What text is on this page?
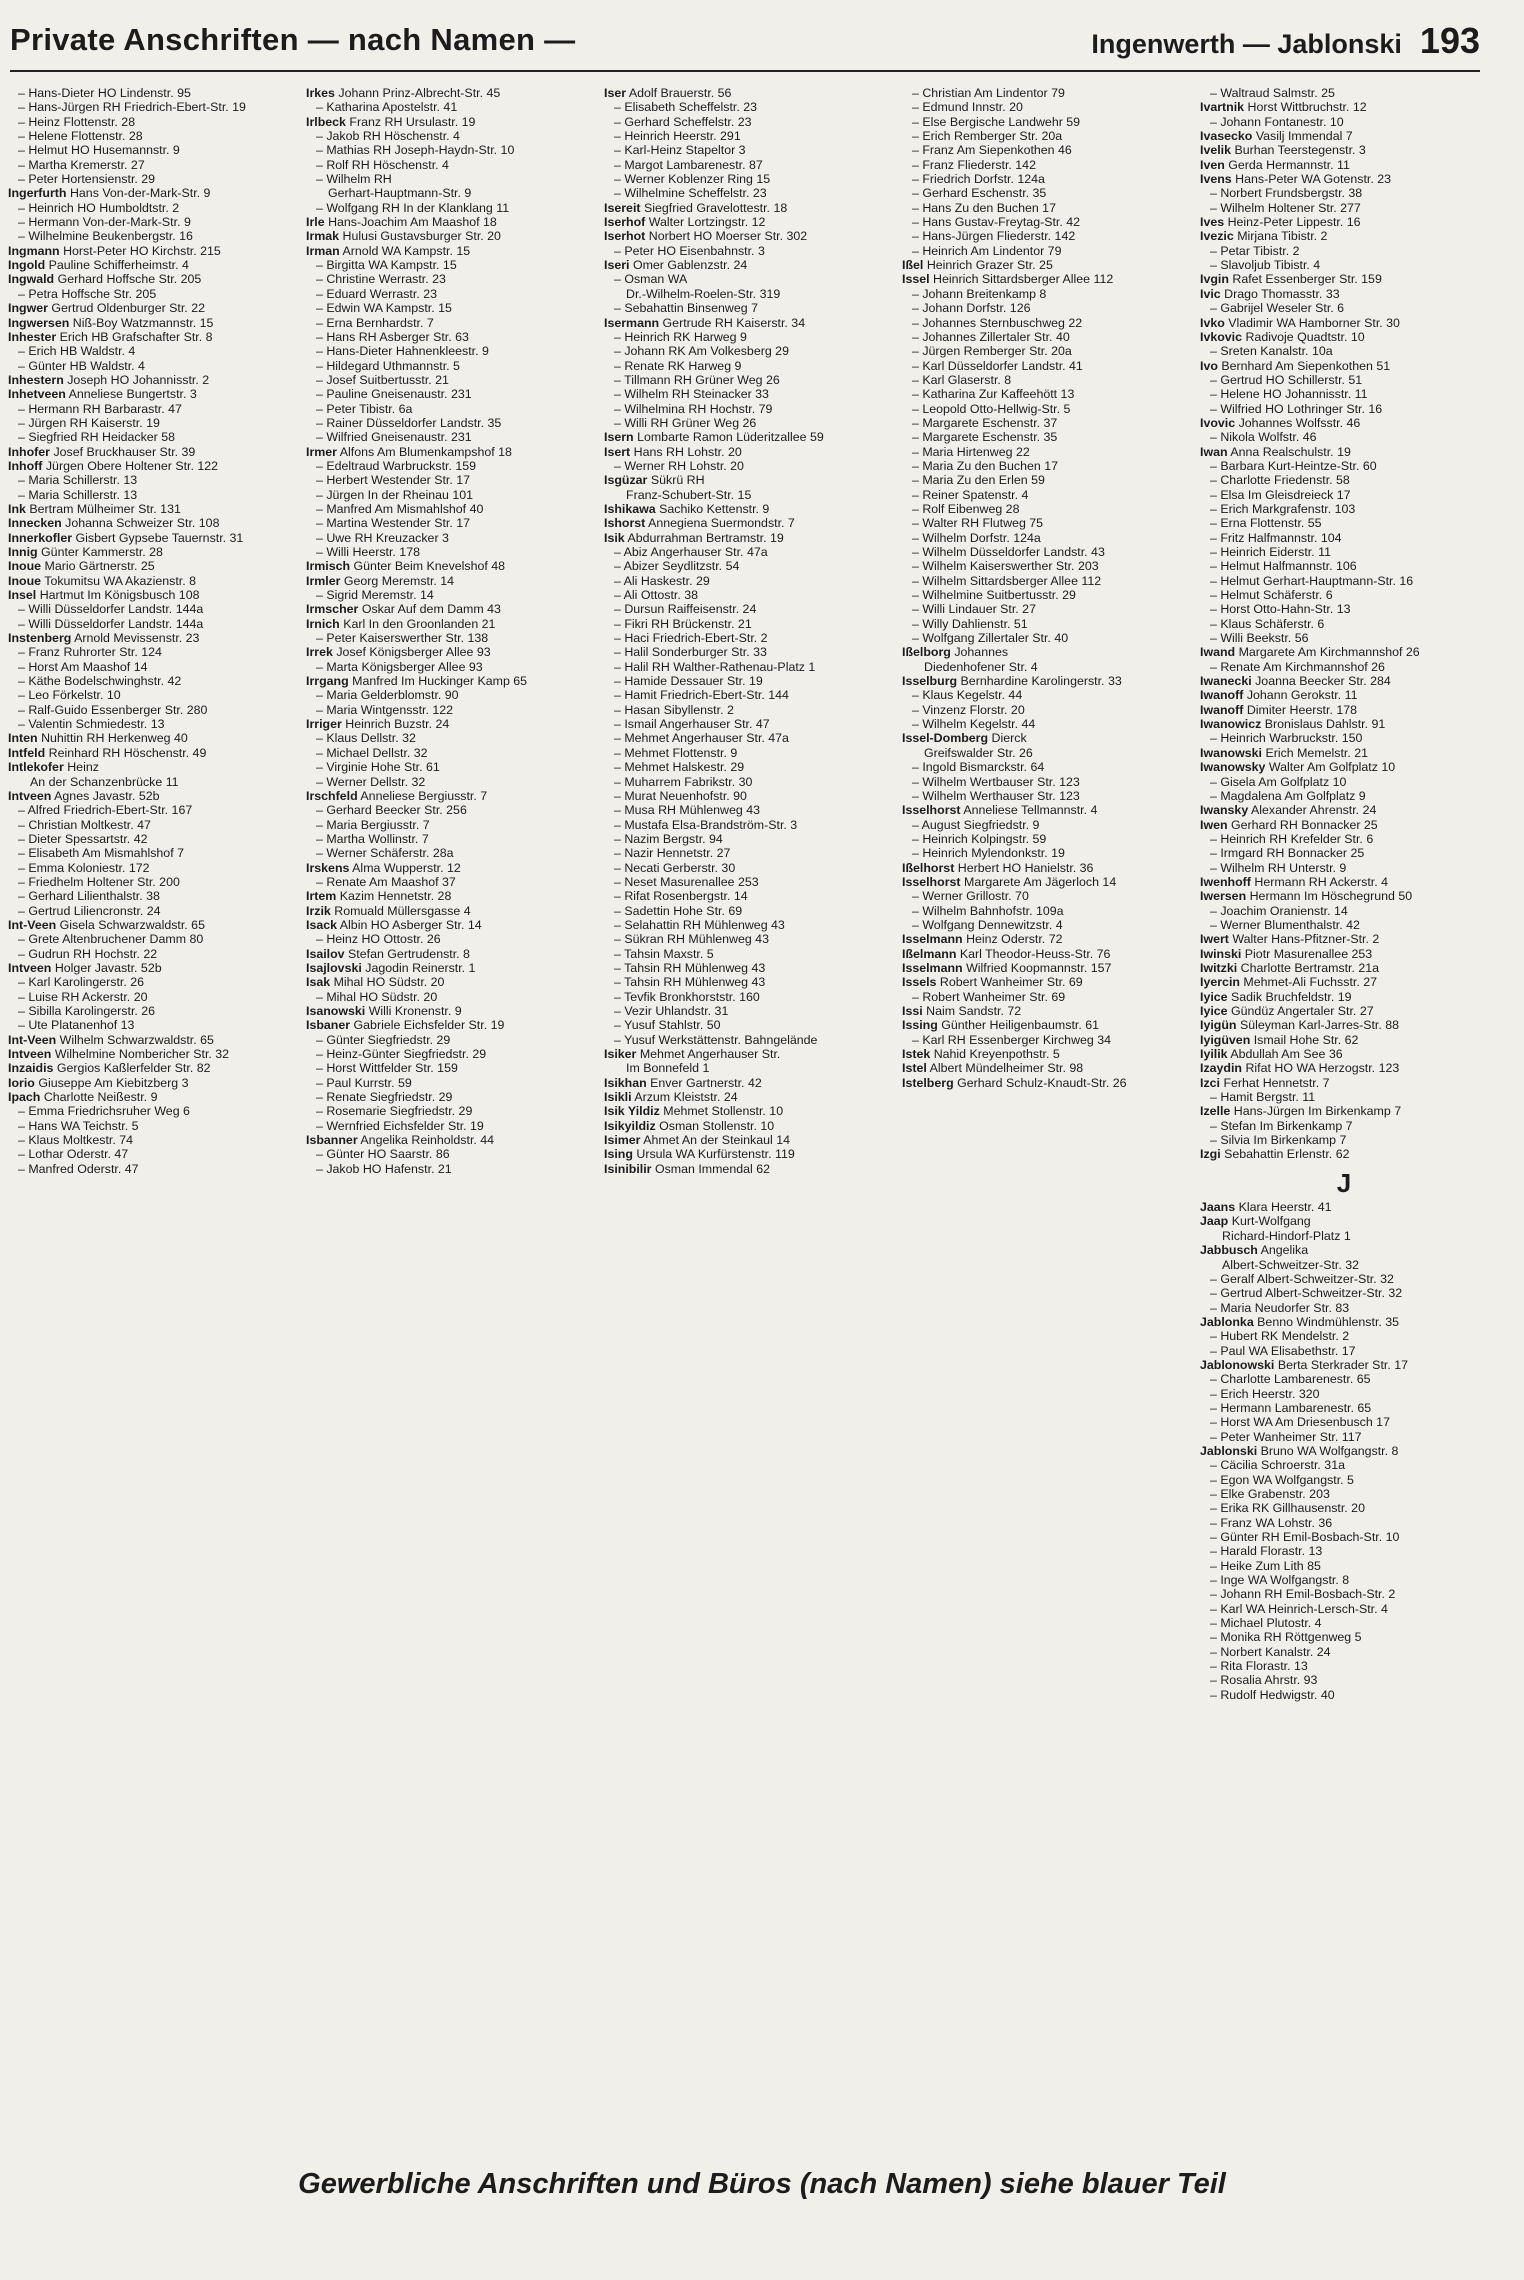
Private Anschriften — nach Namen —	Ingenwerth — Jablonski 193
– Hans-Dieter HO Lindenstr. 95
– Hans-Jürgen RH Friedrich-Ebert-Str. 19
– Heinz Flottenstr. 28
– Helene Flottenstr. 28
– Helmut HO Husemannstr. 9
– Martha Kremerstr. 27
– Peter Hortensienstr. 29
Ingerfurth Hans Von-der-Mark-Str. 9
– Heinrich HO Humboldtstr. 2
– Hermann Von-der-Mark-Str. 9
– Wilhelmine Beukenbergstr. 16
Ingmann Horst-Peter HO Kirchstr. 215
Ingold Pauline Schifferheimstr. 4
Ingwald Gerhard Hoffsche Str. 205
– Petra Hoffsche Str. 205
Ingwer Gertrud Oldenburger Str. 22
Ingwersen Niß-Boy Watzmannstr. 15
Inhester Erich HB Grafschafter Str. 8
– Erich HB Waldstr. 4
– Günter HB Waldstr. 4
Inhestern Joseph HO Johannisstr. 2
Inhetveen Anneliese Bungertstr. 3
– Hermann RH Barbarastr. 47
– Jürgen RH Kaiserstr. 19
– Siegfried RH Heidacker 58
Inhofer Josef Bruckhauser Str. 39
Inhoff Jürgen Obere Holtener Str. 122
– Maria Schillerstr. 13
– Maria Schillerstr. 13
Ink Bertram Mülheimer Str. 131
Innecken Johanna Schweizer Str. 108
Innerkofler Gisbert Gypsebe Tauernstr. 31
Innig Günter Kammerstr. 28
Inoue Mario Gärtnerstr. 25
Inoue Tokumitsu WA Akazienstr. 8
Insel Hartmut Im Königsbusch 108
– Willi Düsseldorfer Landstr. 144a
– Willi Düsseldorfer Landstr. 144a
Instenberg Arnold Mevissenstr. 23
– Franz Ruhrorter Str. 124
– Horst Am Maashof 14
– Käthe Bodelschwinghstr. 42
– Leo Förkelstr. 10
– Ralf-Guido Essenberger Str. 280
– Valentin Schmiedestr. 13
Inten Nuhittin RH Herkenweg 40
Intfeld Reinhard RH Höschenstr. 49
Intlekofer Heinz
An der Schanzenbrücke 11
Intveen Agnes Javastr. 52b
– Alfred Friedrich-Ebert-Str. 167
– Christian Moltkestr. 47
– Dieter Spessartstr. 42
– Elisabeth Am Mismahlshof 7
– Emma Koloniestr. 172
– Friedhelm Holtener Str. 200
– Gerhard Lilienthalstr. 38
– Gertrud Liliencronstr. 24
Int-Veen Gisela Schwarzwaldstr. 65
– Grete Altenbruchener Damm 80
– Gudrun RH Hochstr. 22
Intveen Holger Javastr. 52b
– Karl Karolingerstr. 26
– Luise RH Ackerstr. 20
– Sibilla Karolingerstr. 26
– Ute Platanenhof 13
Int-Veen Wilhelm Schwarzwaldstr. 65
Intveen Wilhelmine Nombericher Str. 32
Inzaidis Gergios Kaßlerfelder Str. 82
Iorio Giuseppe Am Kiebitzberg 3
Ipach Charlotte Neißestr. 9
– Emma Friedrichsruher Weg 6
– Hans WA Teichstr. 5
– Klaus Moltkestr. 74
– Lothar Oderstr. 47
– Manfred Oderstr. 47
Irkes Johann Prinz-Albrecht-Str. 45
– Katharina Apostelstr. 41
Irlbeck Franz RH Ursulastr. 19
– Jakob RH Höschenstr. 4
– Mathias RH Joseph-Haydn-Str. 10
– Rolf RH Höschenstr. 4
– Wilhelm RH
Gerhart-Hauptmann-Str. 9
– Wolfgang RH In der Klanklang 11
Irle Hans-Joachim Am Maashof 18
Irmak Hulusi Gustavsburger Str. 20
Irman Arnold WA Kampstr. 15
– Birgitta WA Kampstr. 15
– Christine Werrastr. 23
– Eduard Werrastr. 23
– Edwin WA Kampstr. 15
– Erna Bernhardstr. 7
– Hans RH Asberger Str. 63
– Hans-Dieter Hahnenkleestr. 9
– Hildegard Uthmannstr. 5
– Josef Suitbertusstr. 21
– Pauline Gneisenaustr. 231
– Peter Tibistr. 6a
– Rainer Düsseldorfer Landstr. 35
– Wilfried Gneisenaustr. 231
Irmer Alfons Am Blumenkampshof 18
– Edeltraud Warbruckstr. 159
– Herbert Westender Str. 17
– Jürgen In der Rheinau 101
– Manfred Am Mismahlshof 40
– Martina Westender Str. 17
– Uwe RH Kreuzacker 3
– Willi Heerstr. 178
Irmisch Günter Beim Knevelshof 48
Irmler Georg Meremstr. 14
– Sigrid Meremstr. 14
Irmscher Oskar Auf dem Damm 43
Irnich Karl In den Groonlanden 21
– Peter Kaiserswerther Str. 138
Irrek Josef Königsberger Allee 93
– Marta Königsberger Allee 93
Irrgang Manfred Im Huckinger Kamp 65
– Maria Gelderblomstr. 90
– Maria Wintgensstr. 122
Irriger Heinrich Buzstr. 24
– Klaus Dellstr. 32
– Michael Dellstr. 32
– Virginie Hohe Str. 61
– Werner Dellstr. 32
Irschfeld Anneliese Bergiusstr. 7
– Gerhard Beecker Str. 256
– Maria Bergiusstr. 7
– Martha Wollinstr. 7
– Werner Schäferstr. 28a
Irskens Alma Wupperstr. 12
– Renate Am Maashof 37
Irtem Kazim Hennetstr. 28
Irzik Romuald Müllersgasse 4
Isack Albin HO Asberger Str. 14
– Heinz HO Ottostr. 26
Isailov Stefan Gertrudenstr. 8
Isajlovski Jagodin Reinerstr. 1
Isak Mihal HO Südstr. 20
– Mihal HO Südstr. 20
Isanowski Willi Kronenstr. 9
Isbaner Gabriele Eichsfelder Str. 19
– Günter Siegfriedstr. 29
– Heinz-Günter Siegfriedstr. 29
– Horst Wittfelder Str. 159
– Paul Kurrstr. 59
– Renate Siegfriedstr. 29
– Rosemarie Siegfriedstr. 29
– Wernfried Eichsfelder Str. 19
Isbanner Angelika Reinholdstr. 44
– Günter HO Saarstr. 86
– Jakob HO Hafenstr. 21
Iser Adolf Brauerstr. 56
– Elisabeth Scheffelstr. 23
– Gerhard Scheffelstr. 23
– Heinrich Heerstr. 291
– Karl-Heinz Stapeltor 3
– Margot Lambarenestr. 87
– Werner Koblenzer Ring 15
– Wilhelmine Scheffelstr. 23
Isereit Siegfried Gravelottestr. 18
Iserhof Walter Lortzingstr. 12
Iserhot Norbert HO Moerser Str. 302
– Peter HO Eisenbahnstr. 3
Iseri Omer Gablenzstr. 24
– Osman WA
Dr.-Wilhelm-Roelen-Str. 319
– Sebahattin Binsenweg 7
Isermann Gertrude RH Kaiserstr. 34
– Heinrich RK Harweg 9
– Johann RK Am Volkesberg 29
– Renate RK Harweg 9
– Tillmann RH Grüner Weg 26
– Wilhelm RH Steinacker 33
– Wilhelmina RH Hochstr. 79
– Willi RH Grüner Weg 26
Isern Lombarte Ramon Lüderitzallee 59
Isert Hans RH Lohstr. 20
– Werner RH Lohstr. 20
Isgüzar Sükrü RH
Franz-Schubert-Str. 15
Ishikawa Sachiko Kettenstr. 9
Ishorst Annegiena Suermondstr. 7
Isik Abdurrahman Bertramstr. 19
– Abiz Angerhauser Str. 47a
– Abizer Seydlitzstr. 54
– Ali Haskestr. 29
– Ali Ottostr. 38
– Dursun Raiffeisenstr. 24
– Fikri RH Brückenstr. 21
– Haci Friedrich-Ebert-Str. 2
– Halil Sonderburger Str. 33
– Halil RH Walther-Rathenau-Platz 1
– Hamide Dessauer Str. 19
– Hamit Friedrich-Ebert-Str. 144
– Hasan Sibyllenstr. 2
– Ismail Angerhauser Str. 47
– Mehmet Angerhauser Str. 47a
– Mehmet Flottenstr. 9
– Mehmet Halskestr. 29
– Muharrem Fabrikstr. 30
– Murat Neuenhofstr. 90
– Musa RH Mühlenweg 43
– Mustafa Elsa-Brandström-Str. 3
– Nazim Bergstr. 94
– Nazir Hennetstr. 27
– Necati Gerberstr. 30
– Neset Masurenallee 253
– Rifat Rosenbergstr. 14
– Sadettin Hohe Str. 69
– Selahattin RH Mühlenweg 43
– Sükran RH Mühlenweg 43
– Tahsin Maxstr. 5
– Tahsin RH Mühlenweg 43
– Tahsin RH Mühlenweg 43
– Tevfik Bronkhorststr. 160
– Vezir Uhlandstr. 31
– Yusuf Stahlstr. 50
– Yusuf Werkstättenstr. Bahngelände
Isiker Mehmet Angerhauser Str.
Im Bonnefeld 1
Isikhan Enver Gartnerstr. 42
Isikli Arzum Kleiststr. 24
Isik Yildiz Mehmet Stollenstr. 10
Isikyildiz Osman Stollenstr. 10
Isimer Ahmet An der Steinkaul 14
Ising Ursula WA Kurfürstenstr. 119
Isinibilir Osman Immendal 62
– Christian Am Lindentor 79
– Edmund Innstr. 20
– Else Bergische Landwehr 59
– Erich Remberger Str. 20a
– Franz Am Siepenkothen 46
– Franz Fliederstr. 142
– Friedrich Dorfstr. 124a
– Gerhard Eschenstr. 35
– Hans Zu den Buchen 17
– Hans Gustav-Freytag-Str. 42
– Hans-Jürgen Fliederstr. 142
– Heinrich Am Lindentor 79
Ißel Heinrich Grazer Str. 25
Issel Heinrich Sittardsberger Allee 112
– Johann Breitenkamp 8
– Johann Dorfstr. 126
– Johannes Sternbuschweg 22
– Johannes Zillertaler Str. 40
– Jürgen Remberger Str. 20a
– Karl Düsseldorfer Landstr. 41
– Karl Glaserstr. 8
– Katharina Zur Kaffeehött 13
– Leopold Otto-Hellwig-Str. 5
– Margarete Eschenstr. 37
– Margarete Eschenstr. 35
– Maria Hirtenweg 22
– Maria Zu den Buchen 17
– Maria Zu den Erlen 59
– Reiner Spatenstr. 4
– Rolf Eibenweg 28
– Walter RH Flutweg 75
– Wilhelm Dorfstr. 124a
– Wilhelm Düsseldorfer Landstr. 43
– Wilhelm Kaiserswerther Str. 203
– Wilhelm Sittardsberger Allee 112
– Wilhelmine Suitbertusstr. 29
– Willi Lindauer Str. 27
– Willy Dahlienstr. 51
– Wolfgang Zillertaler Str. 40
Ißelborg Johannes
Diedenhofener Str. 4
Isselburg Bernhardine Karolingerstr. 33
– Klaus Kegelstr. 44
– Vinzenz Florstr. 20
– Wilhelm Kegelstr. 44
Issel-Domberg Dierck
Greifswalder Str. 26
– Ingold Bismarckstr. 64
– Wilhelm Wertbauser Str. 123
– Wilhelm Werthauser Str. 123
Isselhorst Anneliese Tellmannstr. 4
– August Siegfriedstr. 9
– Heinrich Kolpingstr. 59
– Heinrich Mylendonkstr. 19
Ißelhorst Herbert HO Hanielstr. 36
Isselhorst Margarete Am Jägerloch 14
– Werner Grillostr. 70
– Wilhelm Bahnhofstr. 109a
– Wolfgang Dennewitzstr. 4
Isselmann Heinz Oderstr. 72
Ißelmann Karl Theodor-Heuss-Str. 76
Isselmann Wilfried Koopmannstr. 157
Issels Robert Wanheimer Str. 69
– Robert Wanheimer Str. 69
Issi Naim Sandstr. 72
Issing Günther Heiligenbaumstr. 61
– Karl RH Essenberger Kirchweg 34
Istek Nahid Kreyenpothstr. 5
Istel Albert Mündelheimer Str. 98
Istelberg Gerhard Schulz-Knaudt-Str. 26
– Waltraud Salmstr. 25
Ivartnik Horst Wittbruchstr. 12
– Johann Fontanestr. 10
Ivasecko Vasilj Immendal 7
Ivelik Burhan Teerstegenstr. 3
Iven Gerda Hermannstr. 11
Ivens Hans-Peter WA Gotenstr. 23
– Norbert Frundsbergstr. 38
– Wilhelm Holtener Str. 277
Ives Heinz-Peter Lippestr. 16
Ivezic Mirjana Tibistr. 2
– Petar Tibistr. 2
– Slavoljub Tibistr. 4
Ivgin Rafet Essenberger Str. 159
Ivic Drago Thomasstr. 33
– Gabrijel Weseler Str. 6
Ivko Vladimir WA Hamborner Str. 30
Ivkovic Radivoje Quadtstr. 10
– Sreten Kanalstr. 10a
Ivo Bernhard Am Siepenkothen 51
– Gertrud HO Schillerstr. 51
– Helene HO Johannisstr. 11
– Wilfried HO Lothringer Str. 16
Ivovic Johannes Wolfsstr. 46
– Nikola Wolfstr. 46
Iwan Anna Realschulstr. 19
– Barbara Kurt-Heintze-Str. 60
– Charlotte Friedenstr. 58
– Elsa Im Gleisdreieck 17
– Erich Markgrafenstr. 103
– Erna Flottenstr. 55
– Fritz Halfmannstr. 104
– Heinrich Eiderstr. 11
– Helmut Halfmannstr. 106
– Helmut Gerhart-Hauptmann-Str. 16
– Helmut Schäferstr. 6
– Horst Otto-Hahn-Str. 13
– Klaus Schäferstr. 6
– Willi Beekstr. 56
Iwand Margarete Am Kirchmannshof 26
– Renate Am Kirchmannshof 26
Iwanecki Joanna Beecker Str. 284
Iwanoff Johann Gerokstr. 11
Iwanoff Dimiter Heerstr. 178
Iwanowicz Bronislaus Dahlstr. 91
– Heinrich Warbruckstr. 150
Iwanowski Erich Memelstr. 21
Iwanowsky Walter Am Golfplatz 10
– Gisela Am Golfplatz 10
– Magdalena Am Golfplatz 9
Iwansky Alexander Ahrenstr. 24
Iwen Gerhard RH Bonnacker 25
– Heinrich RH Krefelder Str. 6
– Irmgard RH Bonnacker 25
– Wilhelm RH Unterstr. 9
Iwenhoff Hermann RH Ackerstr. 4
Iwersen Hermann Im Höschegrund 50
– Joachim Oranienstr. 14
– Werner Blumenthalstr. 42
Iwert Walter Hans-Pfitzner-Str. 2
Iwinski Piotr Masurenallee 253
Iwitzki Charlotte Bertramstr. 21a
Iyercin Mehmet-Ali Fuchsstr. 27
Iyice Sadik Bruchfeldstr. 19
Iyice Gündüz Angertaler Str. 27
Iyigün Süleyman Karl-Jarres-Str. 88
Iyigüven Ismail Hohe Str. 62
Iyilik Abdullah Am See 36
Izaydin Rifat HO WA Herzogstr. 123
Izci Ferhat Hennetstr. 7
– Hamit Bergstr. 11
Izelle Hans-Jürgen Im Birkenkamp 7
– Stefan Im Birkenkamp 7
– Silvia Im Birkenkamp 7
Izgi Sebahattin Erlenstr. 62
J
Jaans Klara Heerstr. 41
Jaap Kurt-Wolfgang
Richard-Hindorf-Platz 1
Jabbusch Angelika
Albert-Schweitzer-Str. 32
– Geralf Albert-Schweitzer-Str. 32
– Gertrud Albert-Schweitzer-Str. 32
– Maria Neudorfer Str. 83
Jablonka Benno Windmühlenstr. 35
– Hubert RK Mendelstr. 2
– Paul WA Elisabethstr. 17
Jablonowski Berta Sterkrader Str. 17
– Charlotte Lambarenestr. 65
– Erich Heerstr. 320
– Hermann Lambarenestr. 65
– Horst WA Am Driesenbusch 17
– Peter Wanheimer Str. 117
Jablonski Bruno WA Wolfgangstr. 8
– Cäcilia Schroerstr. 31a
– Egon WA Wolfgangstr. 5
– Elke Grabenstr. 203
– Erika RK Gillhausenstr. 20
– Franz WA Lohstr. 36
– Günter RH Emil-Bosbach-Str. 10
– Harald Florastr. 13
– Heike Zum Lith 85
– Inge WA Wolfgangstr. 8
– Johann RH Emil-Bosbach-Str. 2
– Karl WA Heinrich-Lersch-Str. 4
– Michael Plutostr. 4
– Monika RH Röttgenweg 5
– Norbert Kanalstr. 24
– Rita Florastr. 13
– Rosalia Ahrstr. 93
– Rudolf Hedwigstr. 40
Gewerbliche Anschriften und Büros (nach Namen) siehe blauer Teil
